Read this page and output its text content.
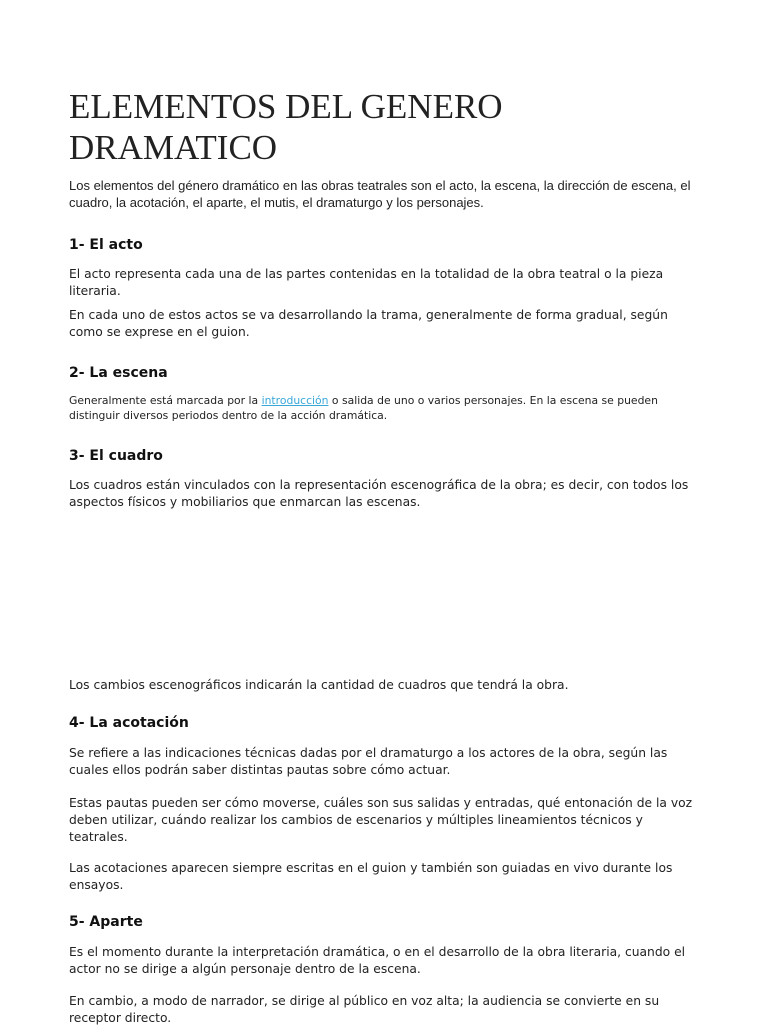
ELEMENTOS DEL GENERO DRAMATICO

Los elementos del género dramático en las obras teatrales son el acto, la escena, la dirección de escena, el cuadro, la acotación, el aparte, el mutis, el dramaturgo y los personajes.

1- El acto

El acto representa cada una de las partes contenidas en la totalidad de la obra teatral o la pieza literaria.

En cada uno de estos actos se va desarrollando la trama, generalmente de forma gradual, según como se exprese en el guion.

2- La escena

Generalmente está marcada por la introducción o salida de uno o varios personajes. En la escena se pueden distinguir diversos periodos dentro de la acción dramática.

3- El cuadro

Los cuadros están vinculados con la representación escenográfica de la obra; es decir, con todos los aspectos físicos y mobiliarios que enmarcan las escenas.

Los cambios escenográficos indicarán la cantidad de cuadros que tendrá la obra.

4- La acotación

Se refiere a las indicaciones técnicas dadas por el dramaturgo a los actores de la obra, según las cuales ellos podrán saber distintas pautas sobre cómo actuar.

Estas pautas pueden ser cómo moverse, cuáles son sus salidas y entradas, qué entonación de la voz deben utilizar, cuándo realizar los cambios de escenarios y múltiples lineamientos técnicos y teatrales.

Las acotaciones aparecen siempre escritas en el guion y también son guiadas en vivo durante los ensayos.

5- Aparte

Es el momento durante la interpretación dramática, o en el desarrollo de la obra literaria, cuando el actor no se dirige a algún personaje dentro de la escena.

En cambio, a modo de narrador, se dirige al público en voz alta; la audiencia se convierte en su receptor directo.
